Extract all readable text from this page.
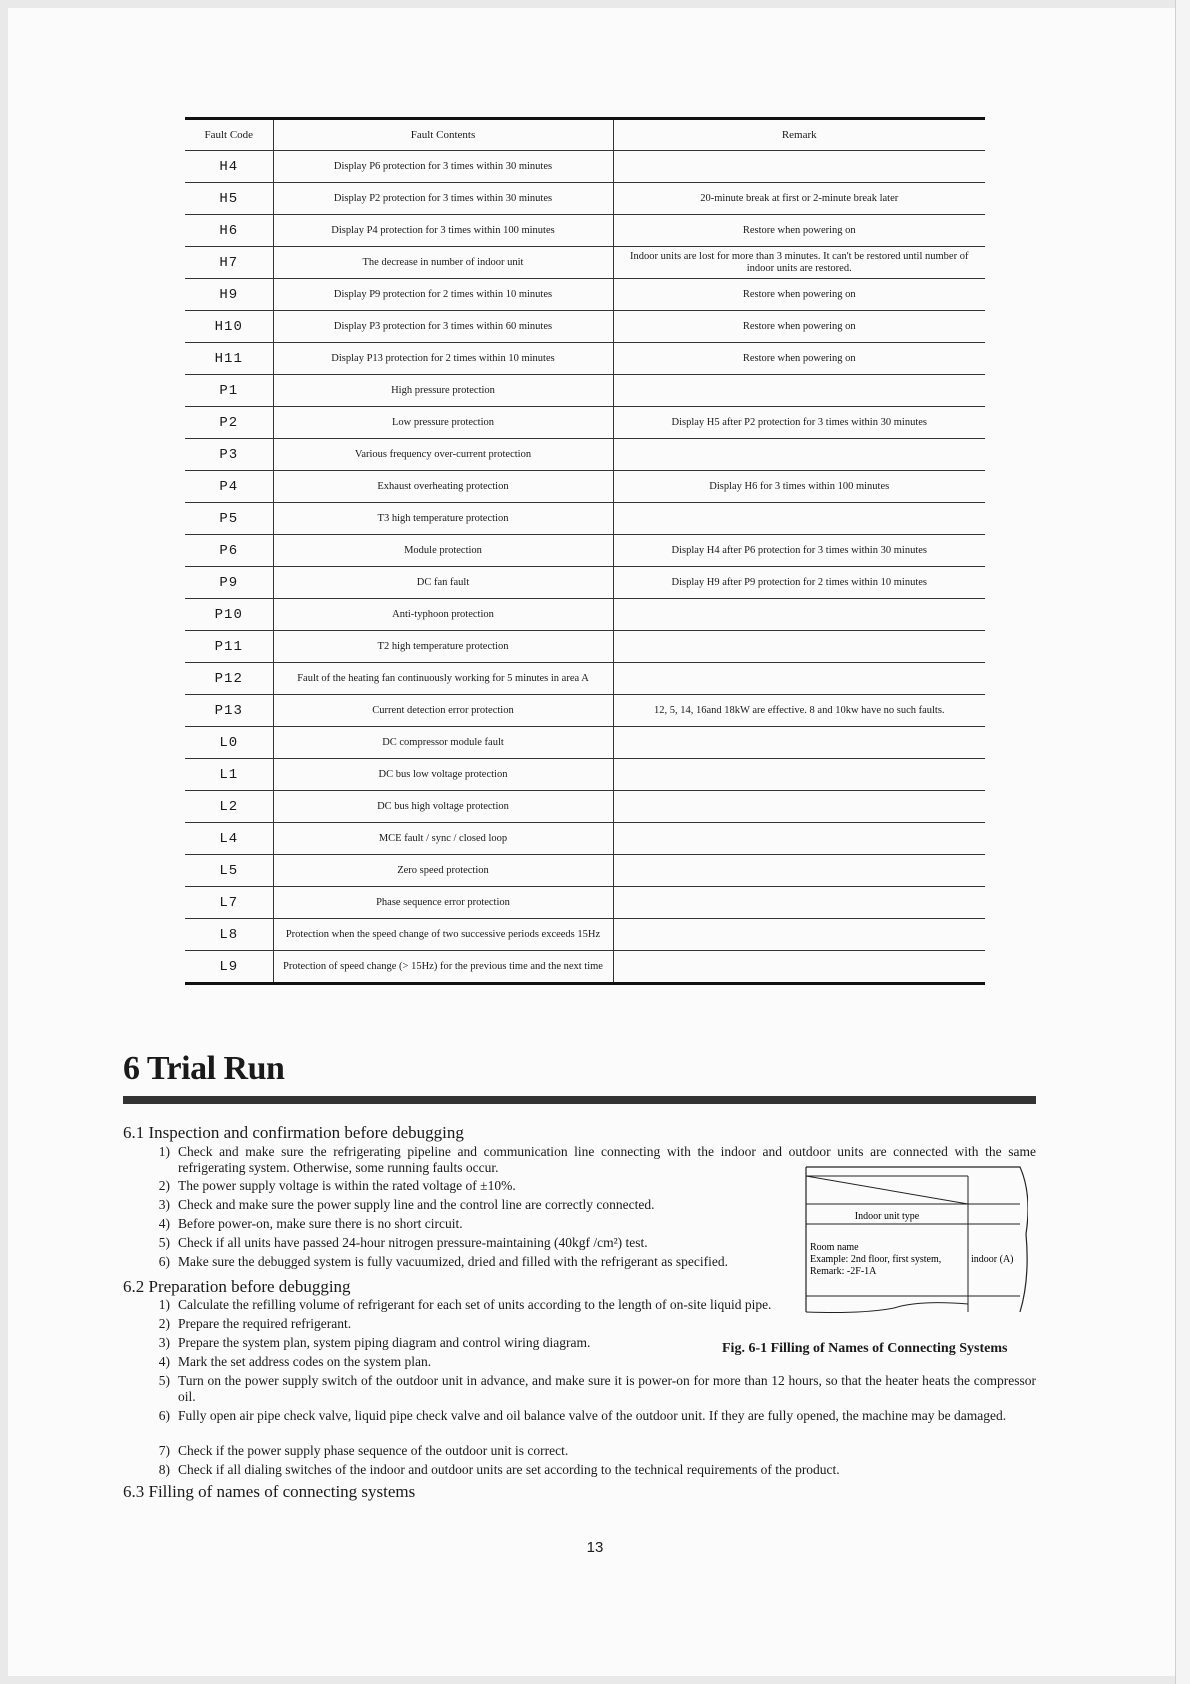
Fault Code	Fault Contents	Remark
H4	Display P6 protection for 3 times within 30 minutes	
H5	Display P2 protection for 3 times within 30 minutes	20-minute break at first or 2-minute break later
H6	Display P4 protection for 3 times within 100 minutes	Restore when powering on
H7	The decrease in number of indoor unit	Indoor units are lost for more than 3 minutes. It can't be restored until number of indoor units are restored.
H9	Display P9 protection for 2 times within 10 minutes	Restore when powering on
H10	Display P3 protection for 3 times within 60 minutes	Restore when powering on
H11	Display P13 protection for 2 times within 10 minutes	Restore when powering on
P1	High pressure protection	
P2	Low pressure protection	Display H5 after P2 protection for 3 times within 30 minutes
P3	Various frequency over-current protection	
P4	Exhaust overheating protection	Display H6 for 3 times within 100 minutes
P5	T3 high temperature protection	
P6	Module protection	Display H4 after P6 protection for 3 times within 30 minutes
P9	DC fan fault	Display H9 after P9 protection for 2 times within 10 minutes
P10	Anti-typhoon protection	
P11	T2 high temperature protection	
P12	Fault of the heating fan continuously working for 5 minutes in area A	
P13	Current detection error protection	12, 5, 14, 16and 18kW are effective. 8 and 10kw have no such faults.
L0	DC compressor module fault	
L1	DC bus low voltage protection	
L2	DC bus high voltage protection	
L4	MCE fault / sync / closed loop	
L5	Zero speed protection	
L7	Phase sequence error protection	
L8	Protection when the speed change of two successive periods exceeds 15Hz	
L9	Protection of speed change (> 15Hz) for the previous time and the next time	
6 Trial Run
6.1 Inspection and confirmation before debugging
1) Check and make sure the refrigerating pipeline and communication line connecting with the indoor and outdoor units are connected with the same refrigerating system. Otherwise, some running faults occur.
2) The power supply voltage is within the rated voltage of ±10%.
3) Check and make sure the power supply line and the control line are correctly connected.
4) Before power-on, make sure there is no short circuit.
5) Check if all units have passed 24-hour nitrogen pressure-maintaining (40kgf /cm²) test.
6) Make sure the debugged system is fully vacuumized, dried and filled with the refrigerant as specified.
6.2 Preparation before debugging
1) Calculate the refilling volume of refrigerant for each set of units according to the length of on-site liquid pipe.
2) Prepare the required refrigerant.
3) Prepare the system plan, system piping diagram and control wiring diagram.
4) Mark the set address codes on the system plan.
5) Turn on the power supply switch of the outdoor unit in advance, and make sure it is power-on for more than 12 hours, so that the heater heats the compressor oil.
6) Fully open air pipe check valve, liquid pipe check valve and oil balance valve of the outdoor unit. If they are fully opened, the machine may be damaged.
7) Check if the power supply phase sequence of the outdoor unit is correct.
8) Check if all dialing switches of the indoor and outdoor units are set according to the technical requirements of the product.
6.3 Filling of names of connecting systems
Indoor unit type
Room name
Example: 2nd floor, first system,
Remark: -2F-1A
indoor (A)
Fig. 6-1 Filling of Names of Connecting Systems
13
